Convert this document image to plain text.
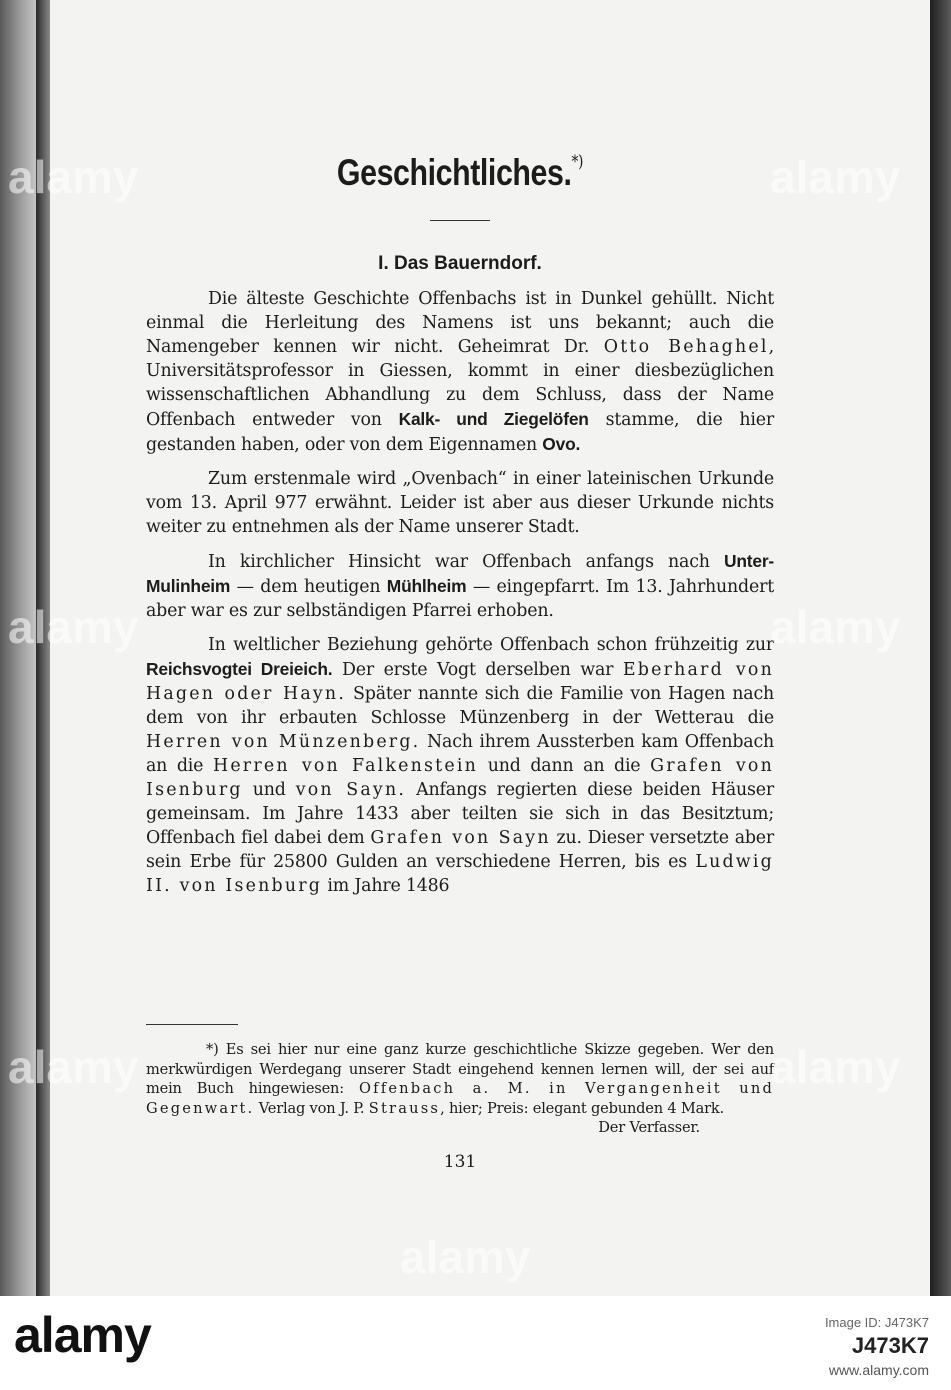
Geschichtliches.*)
I. Das Bauerndorf.

Die älteste Geschichte Offenbachs ist in Dunkel gehüllt. Nicht einmal die Herleitung des Namens ist uns bekannt; auch die Namengeber kennen wir nicht. Geheimrat Dr. Otto Behaghel, Universitätsprofessor in Giessen, kommt in einer diesbezüglichen wissenschaftlichen Abhandlung zu dem Schluss, dass der Name Offenbach entweder von Kalk- und Ziegelöfen stamme, die hier gestanden haben, oder von dem Eigennamen Ovo.

Zum erstenmale wird „Ovenbach“ in einer lateinischen Urkunde vom 13. April 977 erwähnt. Leider ist aber aus dieser Urkunde nichts weiter zu entnehmen als der Name unserer Stadt.

In kirchlicher Hinsicht war Offenbach anfangs nach Unter-Mulinheim — dem heutigen Mühlheim — eingepfarrt. Im 13. Jahrhundert aber war es zur selbständigen Pfarrei erhoben.

In weltlicher Beziehung gehörte Offenbach schon frühzeitig zur Reichsvogtei Dreieich. Der erste Vogt derselben war Eberhard von Hagen oder Hayn. Später nannte sich die Familie von Hagen nach dem von ihr erbauten Schlosse Münzenberg in der Wetterau die Herren von Münzenberg. Nach ihrem Aussterben kam Offenbach an die Herren von Falkenstein und dann an die Grafen von Isenburg und von Sayn. Anfangs regierten diese beiden Häuser gemeinsam. Im Jahre 1433 aber teilten sie sich in das Besitztum; Offenbach fiel dabei dem Grafen von Sayn zu. Dieser versetzte aber sein Erbe für 25800 Gulden an verschiedene Herren, bis es Ludwig II. von Isenburg im Jahre 1486

*) Es sei hier nur eine ganz kurze geschichtliche Skizze gegeben. Wer den merkwürdigen Werdegang unserer Stadt eingehend kennen lernen will, der sei auf mein Buch hingewiesen: Offenbach a. M. in Vergangenheit und Gegenwart. Verlag von J. P. Strauss, hier; Preis: elegant gebunden 4 Mark.
Der Verfasser.
131
alamy	alamy
alamy	alamy
alamy	alamy
alamy
alamy	Image ID: J473K7
J473K7
www.alamy.com
